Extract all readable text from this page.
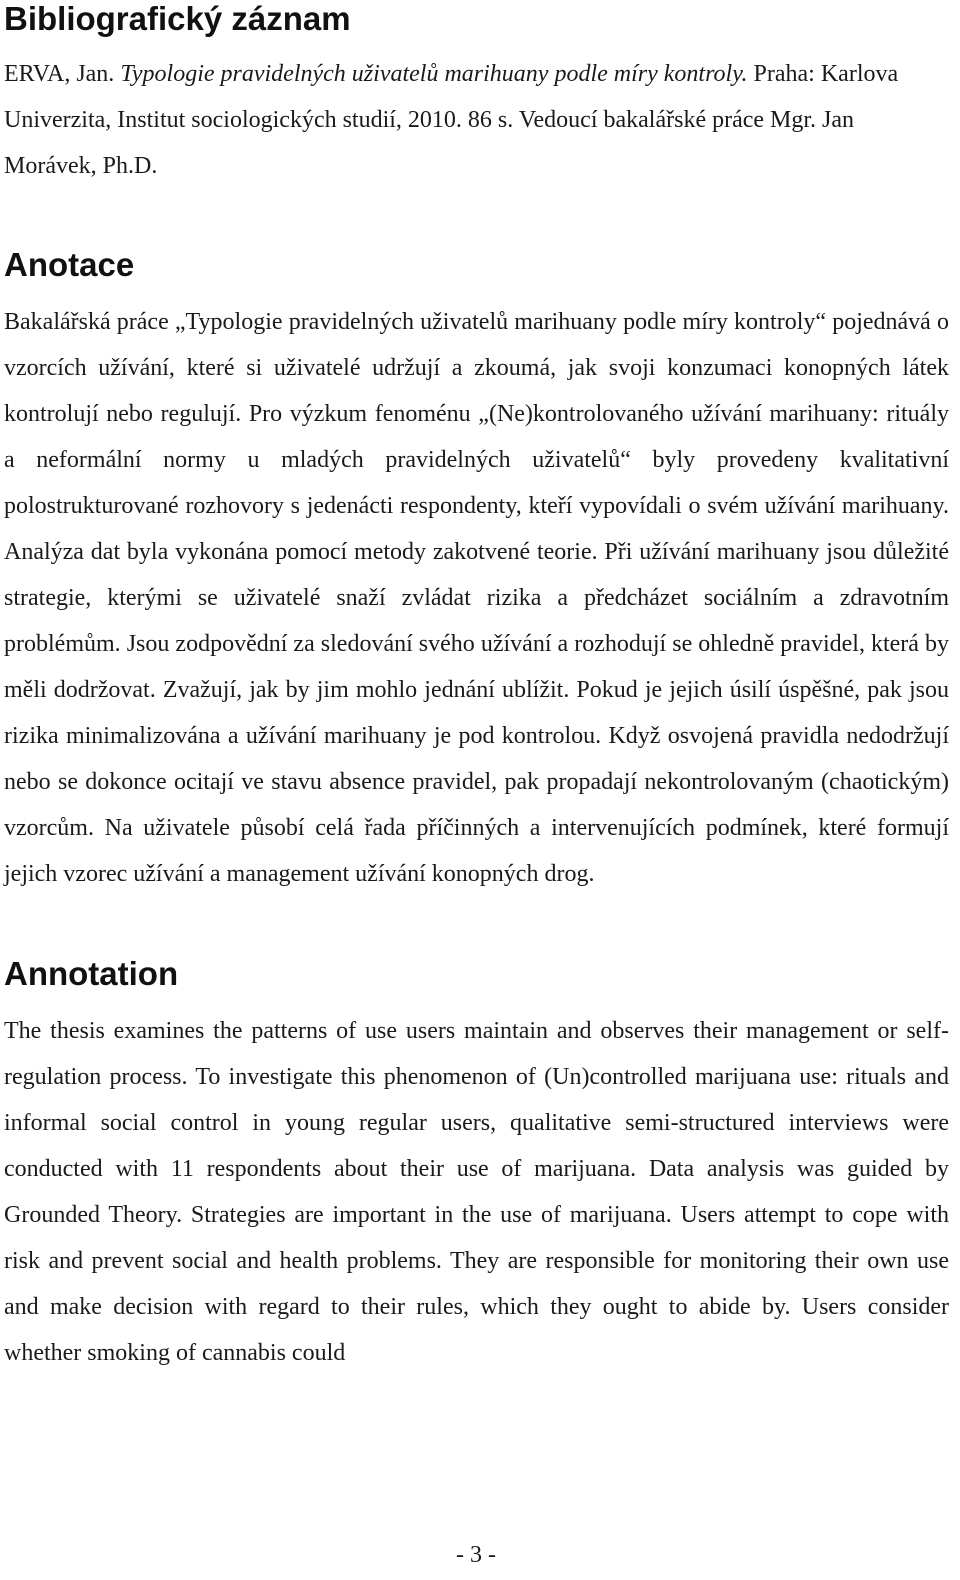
Bibliografický záznam
ERVA, Jan. Typologie pravidelných uživatelů marihuany podle míry kontroly. Praha: Karlova Univerzita, Institut sociologických studií, 2010. 86 s. Vedoucí bakalářské práce Mgr. Jan Morávek, Ph.D.
Anotace

Bakalářská práce „Typologie pravidelných uživatelů marihuany podle míry kontroly“ pojednává o vzorcích užívání, které si uživatelé udržují a zkoumá, jak svoji konzumaci konopných látek kontrolují nebo regulují. Pro výzkum fenoménu „(Ne)kontrolovaného užívání marihuany: rituály a neformální normy u mladých pravidelných uživatelů“ byly provedeny kvalitativní polostrukturované rozhovory s jedenácti respondenty, kteří vypovídali o svém užívání marihuany. Analýza dat byla vykonána pomocí metody zakotvené teorie. Při užívání marihuany jsou důležité strategie, kterými se uživatelé snaží zvládat rizika a předcházet sociálním a zdravotním problémům. Jsou zodpovědní za sledování svého užívání a rozhodují se ohledně pravidel, která by měli dodržovat. Zvažují, jak by jim mohlo jednání ublížit. Pokud je jejich úsilí úspěšné, pak jsou rizika minimalizována a užívání marihuany je pod kontrolou. Když osvojená pravidla nedodržují nebo se dokonce ocitají ve stavu absence pravidel, pak propadají nekontrolovaným (chaotickým) vzorcům. Na uživatele působí celá řada příčinných a intervenujících podmínek, které formují jejich vzorec užívání a management užívání konopných drog.

Annotation

The thesis examines the patterns of use users maintain and observes their management or self-regulation process. To investigate this phenomenon of (Un)controlled marijuana use: rituals and informal social control in young regular users, qualitative semi-structured interviews were conducted with 11 respondents about their use of marijuana. Data analysis was guided by Grounded Theory. Strategies are important in the use of marijuana. Users attempt to cope with risk and prevent social and health problems. They are responsible for monitoring their own use and make decision with regard to their rules, which they ought to abide by. Users consider whether smoking of cannabis could

- 3 -
